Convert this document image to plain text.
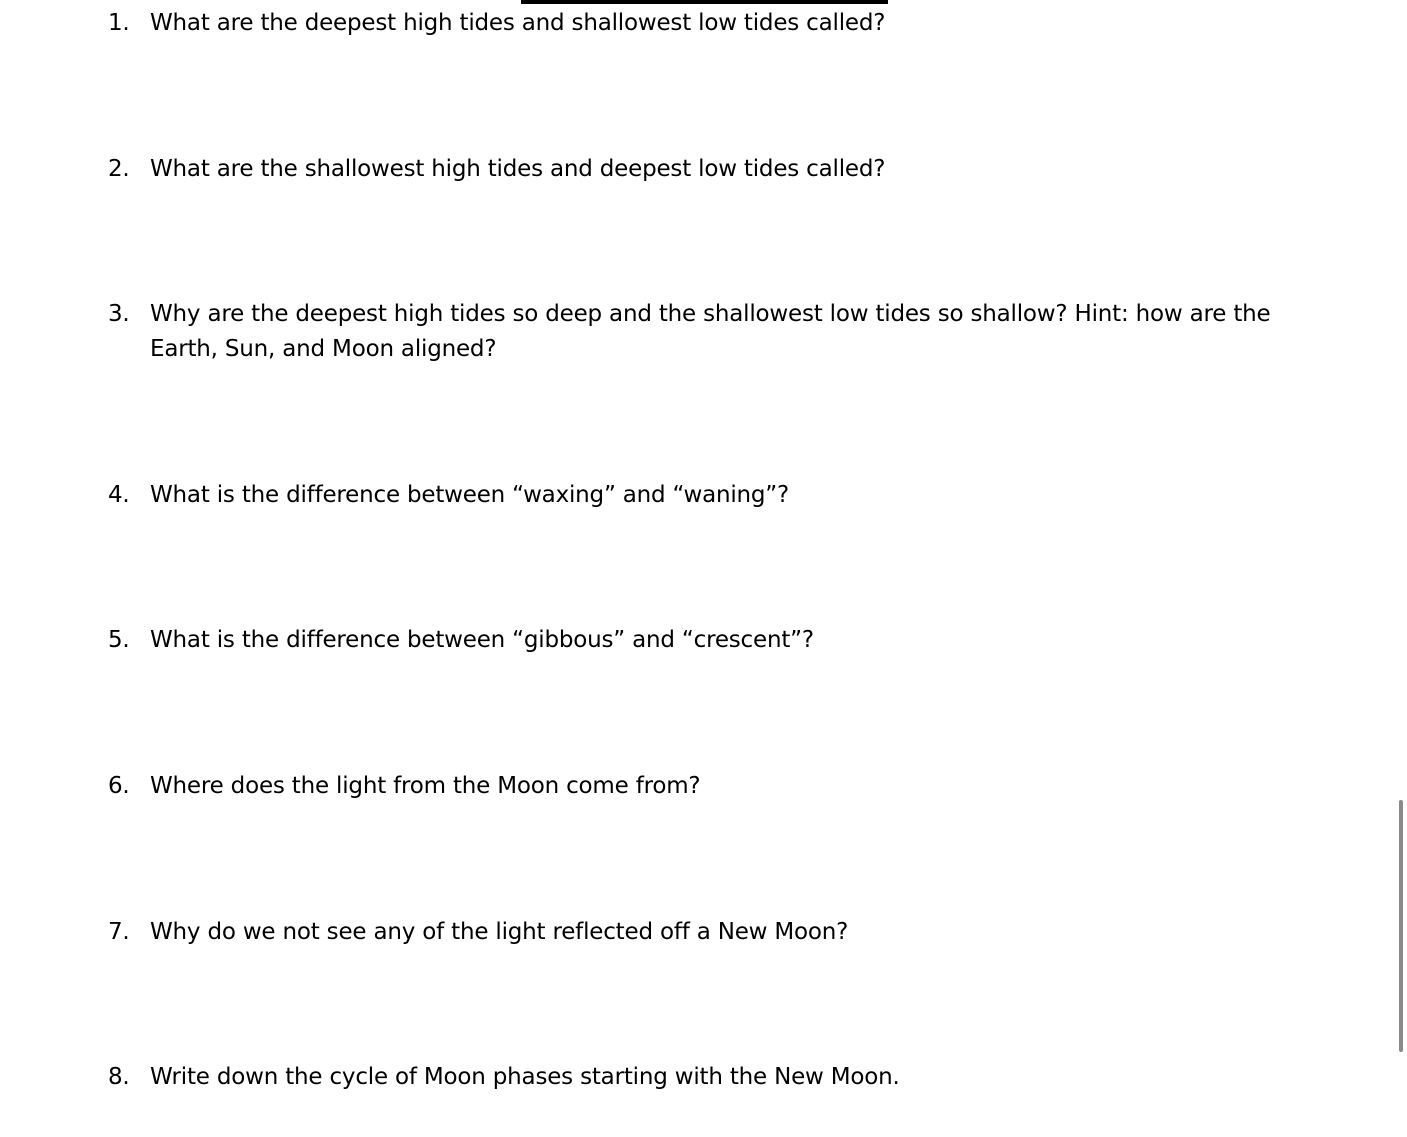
1. What are the deepest high tides and shallowest low tides called?
2. What are the shallowest high tides and deepest low tides called?
3. Why are the deepest high tides so deep and the shallowest low tides so shallow? Hint: how are the Earth, Sun, and Moon aligned?
4. What is the difference between “waxing” and “waning”?
5. What is the difference between “gibbous” and “crescent”?
6. Where does the light from the Moon come from?
7. Why do we not see any of the light reflected off a New Moon?
8. Write down the cycle of Moon phases starting with the New Moon.
